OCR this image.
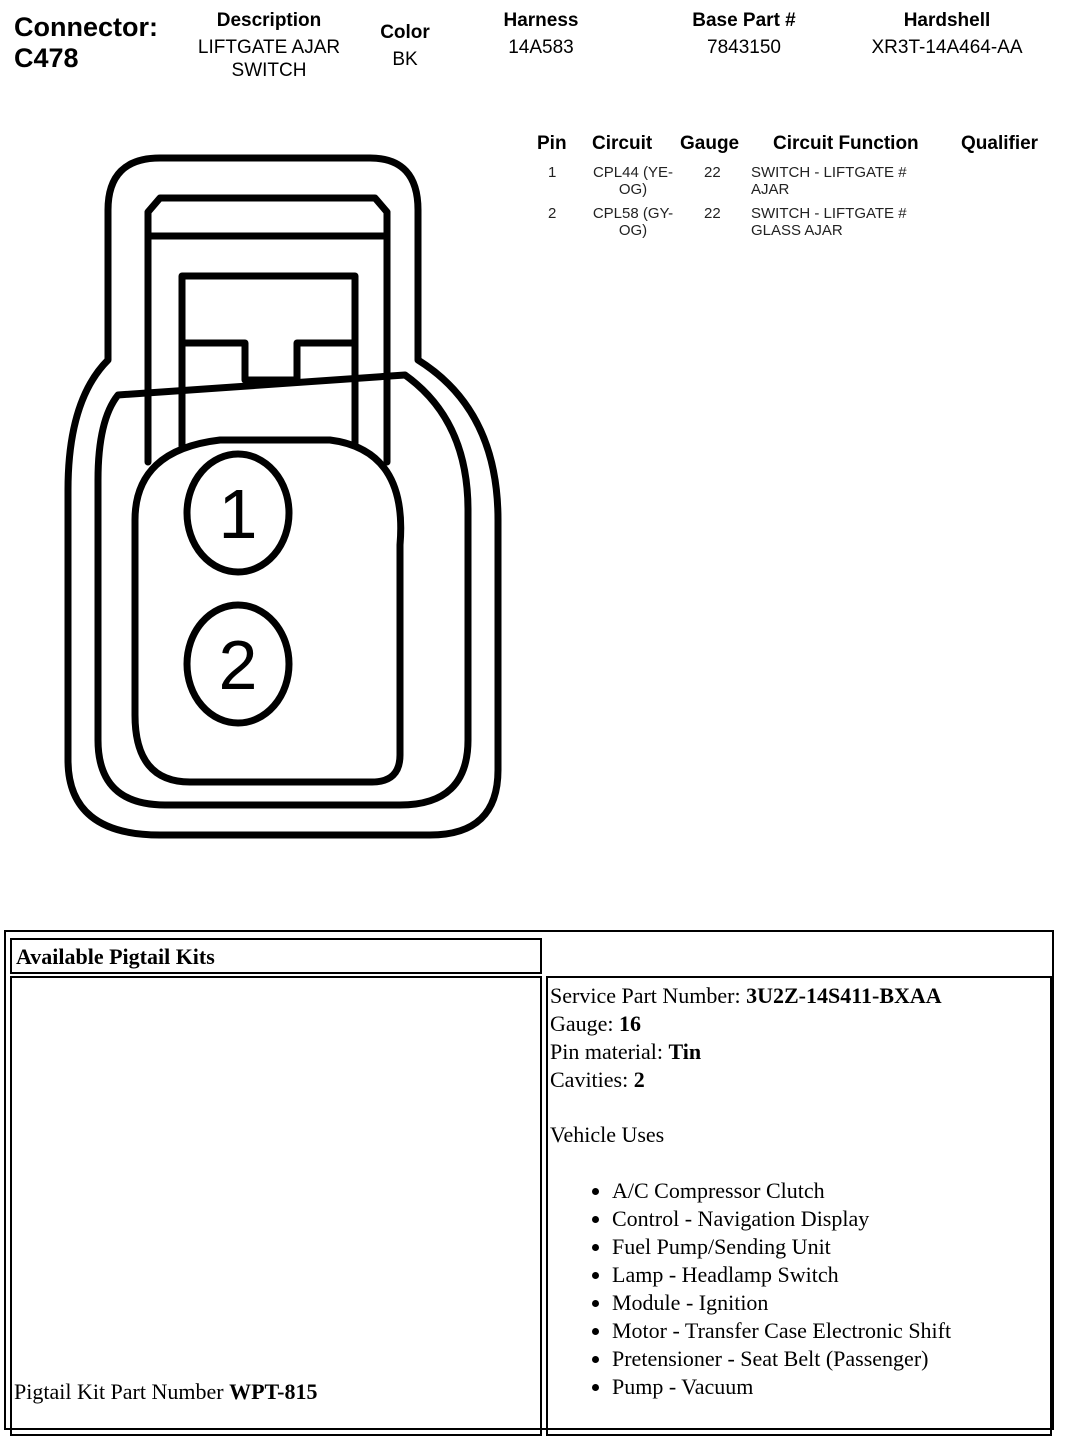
Connector:
C478
Description
LIFTGATE AJAR
SWITCH
Color
BK
Harness
14A583
Base Part #
7843150
Hardshell
XR3T-14A464-AA
Pin Circuit Gauge Circuit Function Qualifier
1	CPL44 (YE-
OG)
22 SWITCH - LIFTGATE #
AJAR
2	CPL58 (GY-
OG)
22 SWITCH - LIFTGATE #
GLASS AJAR
1
2
Available Pigtail Kits
Pigtail Kit Part Number WPT-815
Service Part Number: 3U2Z-14S411-BXAA
Gauge: 16
Pin material: Tin
Cavities: 2
Vehicle Uses
• A/C Compressor Clutch
• Control - Navigation Display
• Fuel Pump/Sending Unit
• Lamp - Headlamp Switch
• Module - Ignition
• Motor - Transfer Case Electronic Shift
• Pretensioner - Seat Belt (Passenger)
• Pump - Vacuum
